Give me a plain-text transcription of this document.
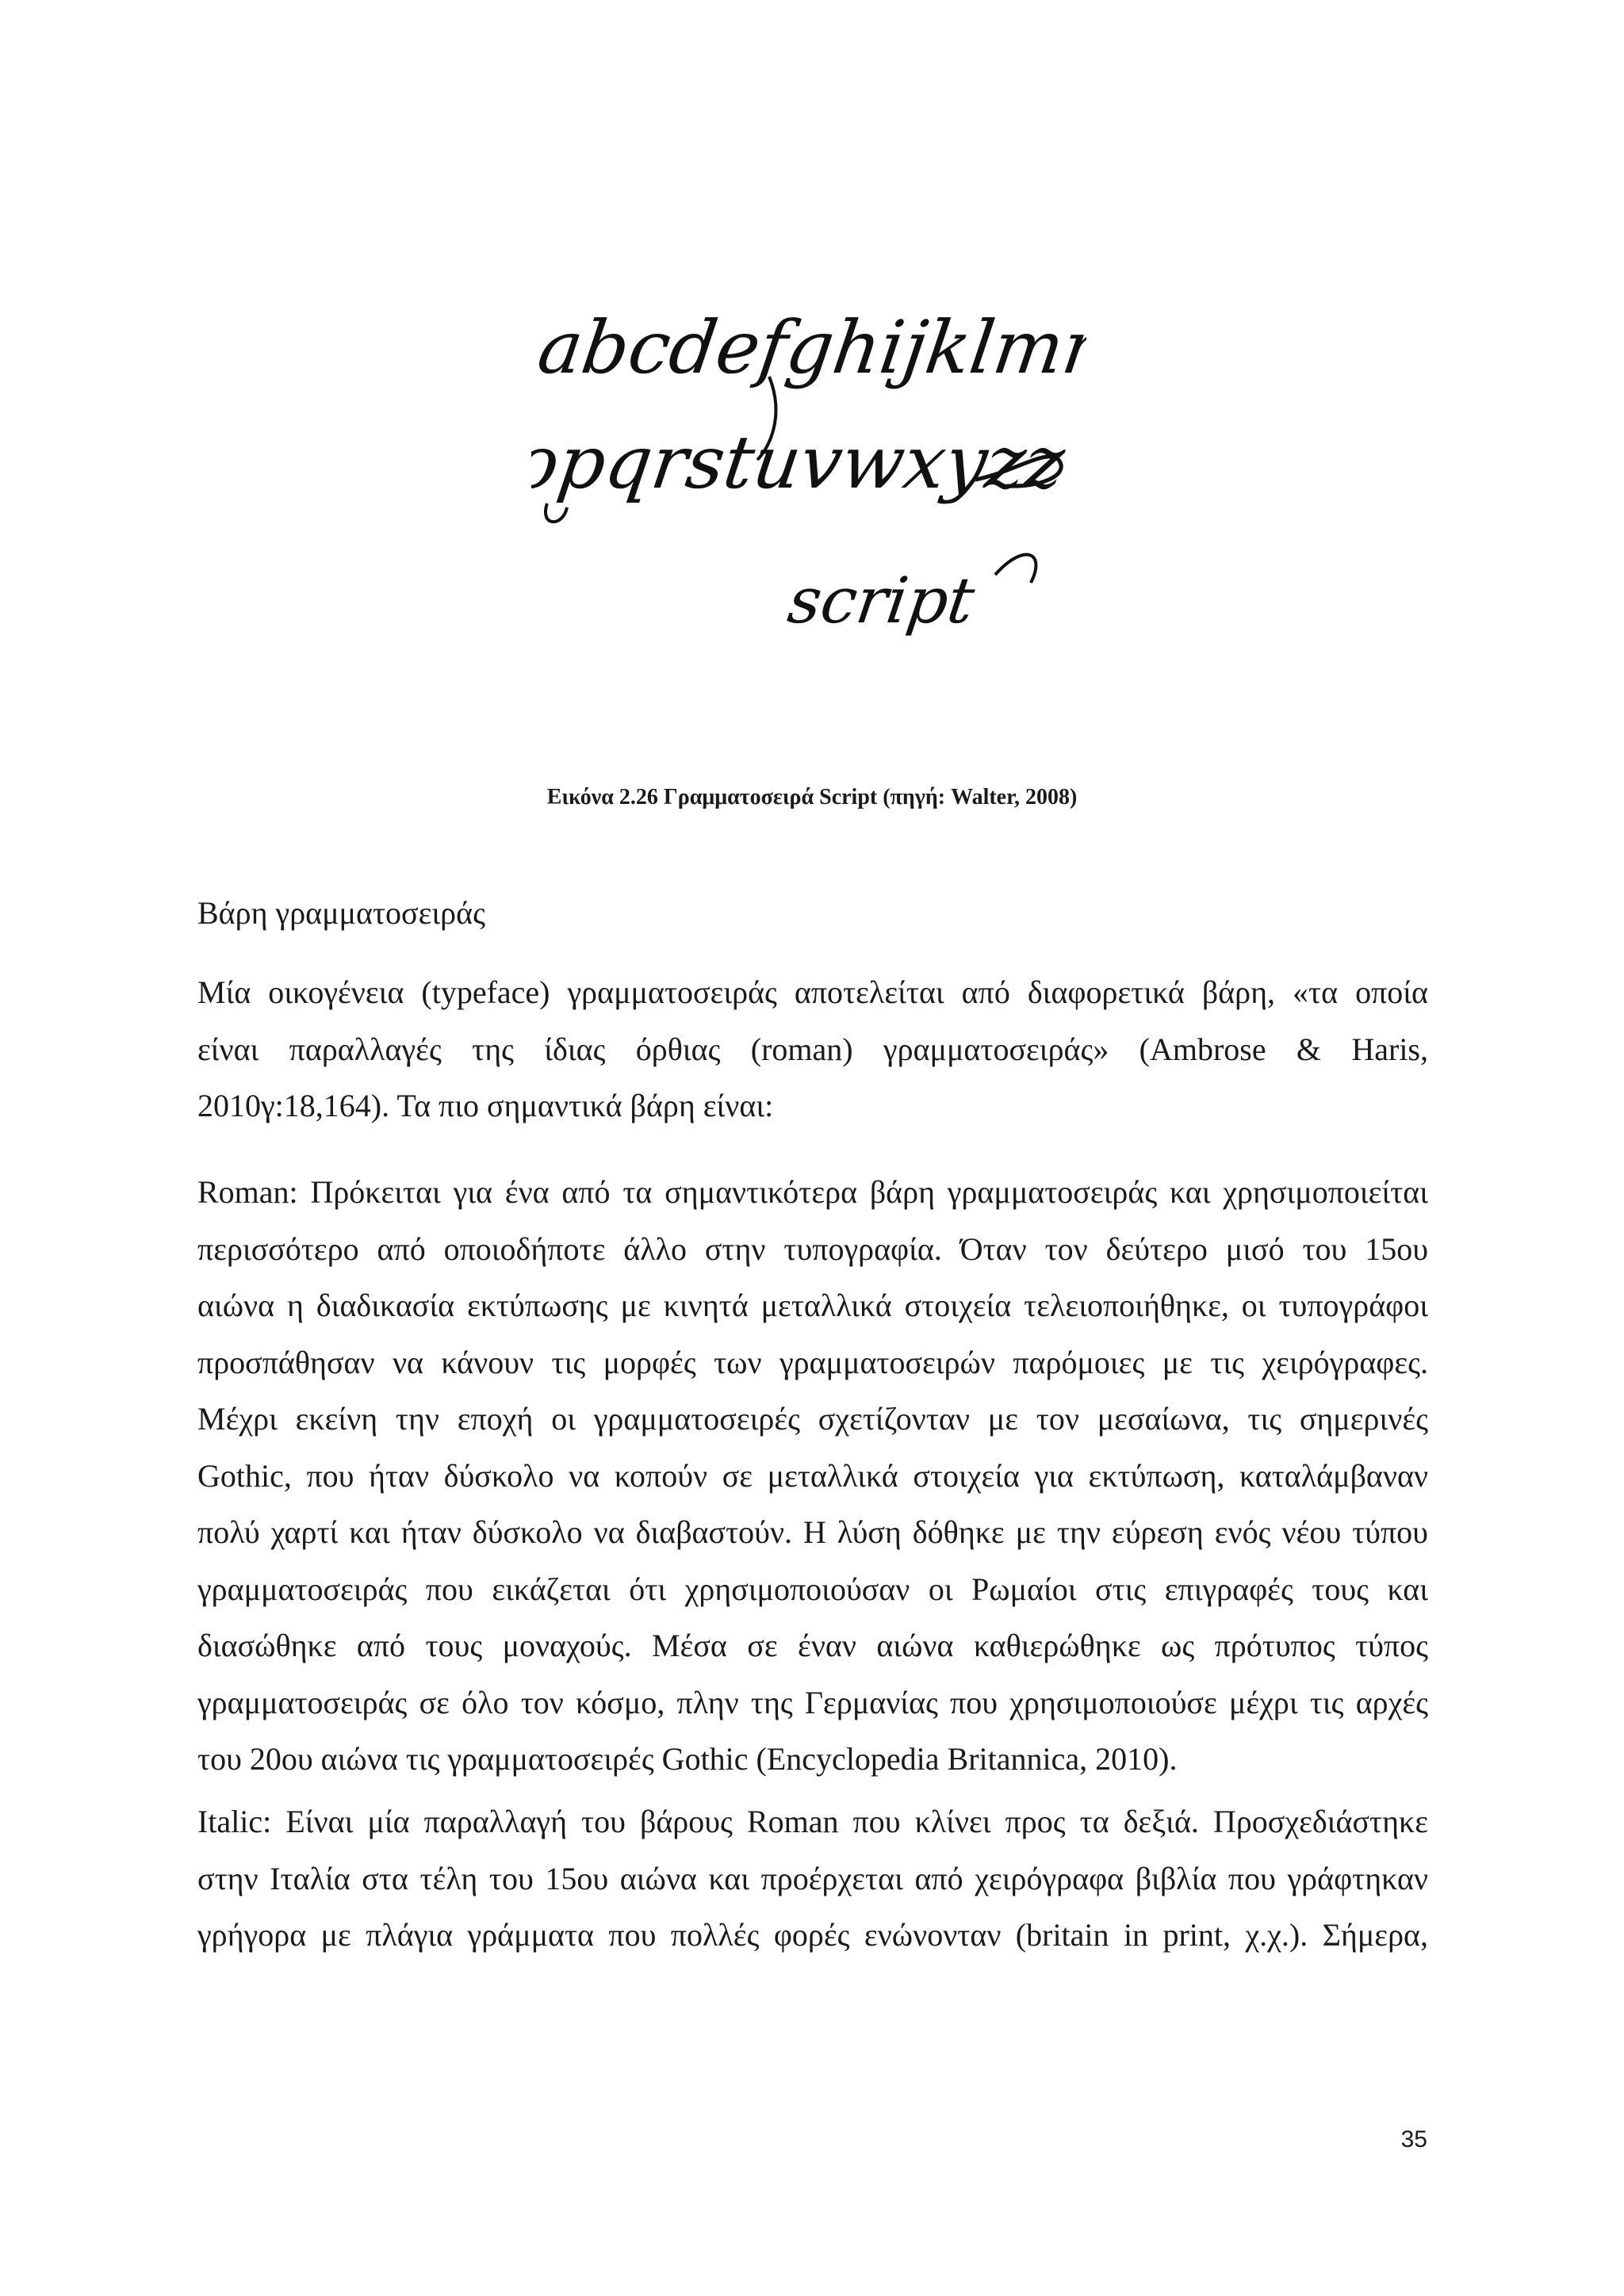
abcdefghijklmn
opqrstuvwxyzz
script
Εικόνα 2.26 Γραμματοσειρά Script (πηγή: Walter, 2008)
Βάρη γραμματοσειράς
Μία οικογένεια (typeface) γραμματοσειράς αποτελείται από διαφορετικά βάρη, «τα οποία
είναι παραλλαγές της ίδιας όρθιας (roman) γραμματοσειράς» (Ambrose & Haris,
2010γ:18,164). Τα πιο σημαντικά βάρη είναι:
Roman: Πρόκειται για ένα από τα σημαντικότερα βάρη γραμματοσειράς και χρησιμοποιείται
περισσότερο από οποιοδήποτε άλλο στην τυπογραφία. Όταν τον δεύτερο μισό του 15ου
αιώνα η διαδικασία εκτύπωσης με κινητά μεταλλικά στοιχεία τελειοποιήθηκε, οι τυπογράφοι
προσπάθησαν να κάνουν τις μορφές των γραμματοσειρών παρόμοιες με τις χειρόγραφες.
Μέχρι εκείνη την εποχή οι γραμματοσειρές σχετίζονταν με τον μεσαίωνα, τις σημερινές
Gothic, που ήταν δύσκολο να κοπούν σε μεταλλικά στοιχεία για εκτύπωση, καταλάμβαναν
πολύ χαρτί και ήταν δύσκολο να διαβαστούν. Η λύση δόθηκε με την εύρεση ενός νέου τύπου
γραμματοσειράς που εικάζεται ότι χρησιμοποιούσαν οι Ρωμαίοι στις επιγραφές τους και
διασώθηκε από τους μοναχούς. Μέσα σε έναν αιώνα καθιερώθηκε ως πρότυπος τύπος
γραμματοσειράς σε όλο τον κόσμο, πλην της Γερμανίας που χρησιμοποιούσε μέχρι τις αρχές
του 20ου αιώνα τις γραμματοσειρές Gothic (Encyclopedia Britannica, 2010).
Italic: Είναι μία παραλλαγή του βάρους Roman που κλίνει προς τα δεξιά. Προσχεδιάστηκε
στην Ιταλία στα τέλη του 15ου αιώνα και προέρχεται από χειρόγραφα βιβλία που γράφτηκαν
γρήγορα με πλάγια γράμματα που πολλές φορές ενώνονταν (britain in print, χ.χ.). Σήμερα,
35
